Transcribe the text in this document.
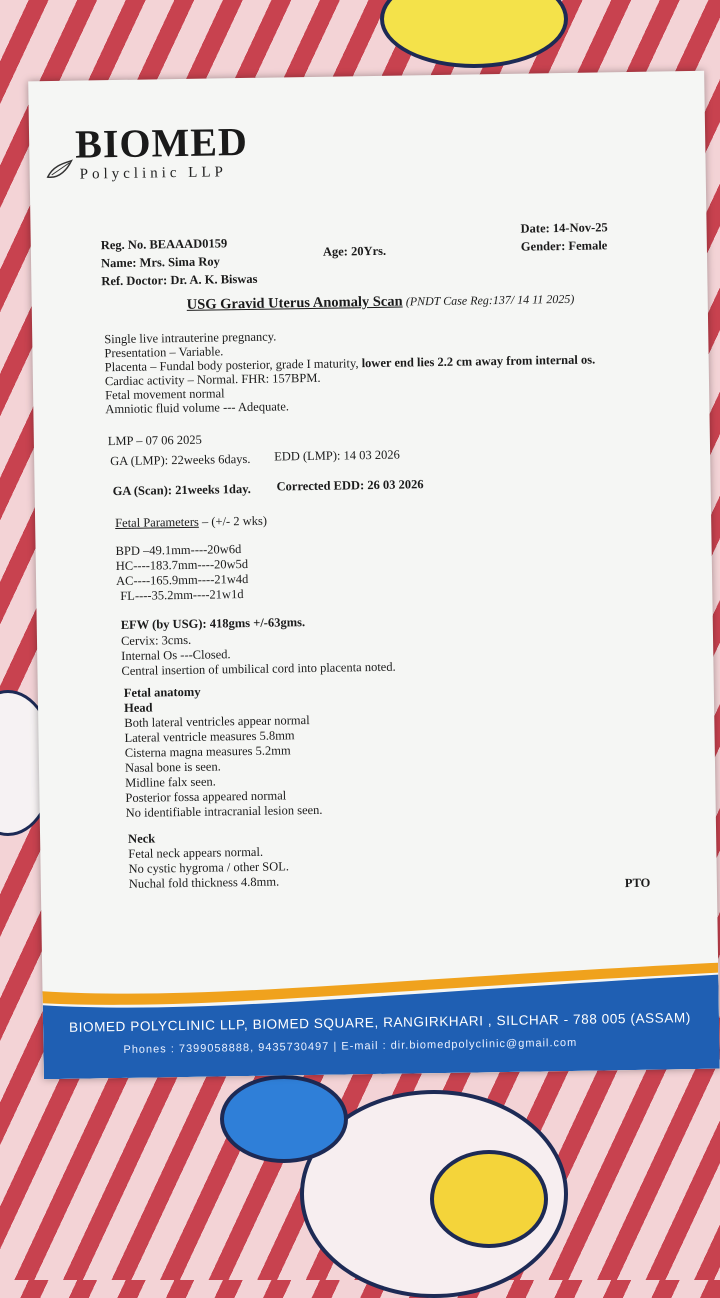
BIOMED
Polyclinic LLP
Reg. No. BEAAAD0159
Name: Mrs. Sima Roy
Ref. Doctor: Dr. A. K. Biswas
Age: 20Yrs.
Date: 14-Nov-25
Gender: Female
USG Gravid Uterus Anomaly Scan (PNDT Case Reg:137/ 14 11 2025)
Single live intrauterine pregnancy.
Presentation – Variable.
Placenta – Fundal body posterior, grade I maturity, lower end lies 2.2 cm away from internal os.
Cardiac activity – Normal. FHR: 157BPM.
Fetal movement normal
Amniotic fluid volume --- Adequate.
LMP – 07 06 2025
GA (LMP): 22weeks 6days. EDD (LMP): 14 03 2026
GA (Scan): 21weeks 1day. Corrected EDD: 26 03 2026
Fetal Parameters – (+/- 2 wks)
BPD –49.1mm----20w6d
HC----183.7mm----20w5d
AC----165.9mm----21w4d
FL----35.2mm----21w1d
EFW (by USG): 418gms +/-63gms.
Cervix: 3cms.
Internal Os ---Closed.
Central insertion of umbilical cord into placenta noted.
Fetal anatomy
Head
Both lateral ventricles appear normal
Lateral ventricle measures 5.8mm
Cisterna magna measures 5.2mm
Nasal bone is seen.
Midline falx seen.
Posterior fossa appeared normal
No identifiable intracranial lesion seen.
Neck
Fetal neck appears normal.
No cystic hygroma / other SOL.
Nuchal fold thickness 4.8mm.	PTO
BIOMED POLYCLINIC LLP, BIOMED SQUARE, RANGIRKHARI , SILCHAR - 788 005 (ASSAM)
Phones : 7399058888, 9435730497 | E-mail : dir.biomedpolyclinic@gmail.com
